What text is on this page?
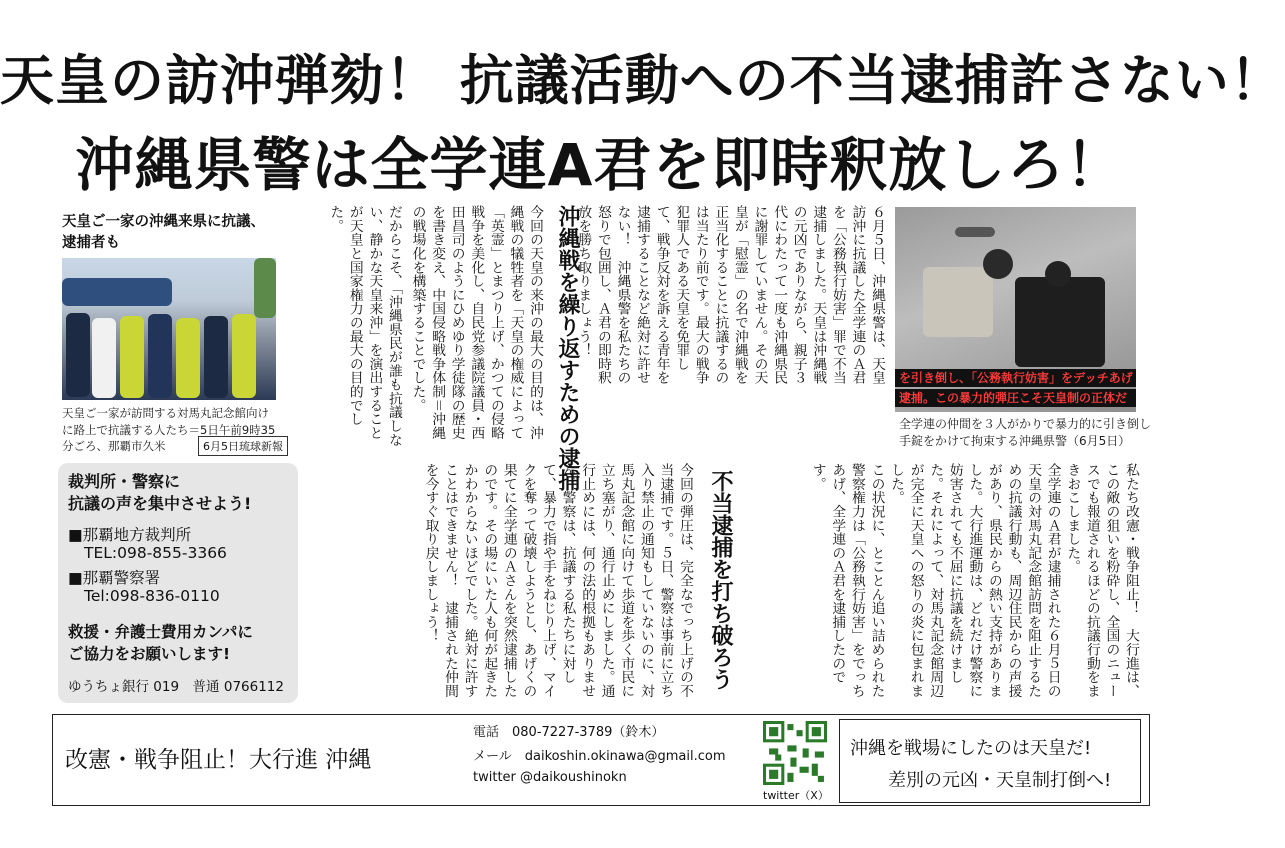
天皇の訪沖弾劾！ 抗議活動への不当逮捕許さない！
沖縄県警は全学連A君を即時釈放しろ！
天皇ご一家の沖縄来県に抗議、逮捕者も
天皇ご一家が訪問する対馬丸記念館向けに路上で抗議する人たち＝5日午前9時35分ごろ、那覇市久米	6月5日琉球新報
裁判所・警察に
抗議の声を集中させよう!
■那覇地方裁判所
TEL:098-855-3366
■那覇警察署
Tel:098-836-0110
救援・弁護士費用カンパに
ご協力をお願いします!
ゆうちょ銀行 019　普通 0766112
を引き倒し、「公務執行妨害」をデッチあげ
逮捕。この暴力的弾圧こそ天皇制の正体だ
全学連の仲間を３人がかりで暴力的に引き倒し
手錠をかけて拘束する沖縄県警（6月5日）
６月５日、沖縄県警は、天皇訪沖に抗議した全学連のＡ君を「公務執行妨害」罪で不当逮捕しました。天皇は沖縄戦の元凶でありながら、親子３代にわたって一度も沖縄県民に謝罪していません。その天皇が「慰霊」の名で沖縄戦を正当化することに抗議するのは当たり前です。最大の戦争犯罪人である天皇を免罪して、戦争反対を訴える青年を逮捕することなど絶対に許せない！　沖縄県警を私たちの怒りで包囲し、Ａ君の即時釈放を勝ち取りましょう！
沖縄戦を繰り返すための逮捕
今回の天皇の来沖の最大の目的は、沖縄戦の犠牲者を「天皇の権威によって「英霊」とまつり上げ、かつての侵略戦争を美化し、自民党参議院議員・西田昌司のようにひめゆり学徒隊の歴史を書き変え、中国侵略戦争体制＝沖縄の戦場化を構築することでした。
だからこそ、「沖縄県民が誰も抗議しない、静かな天皇来沖」を演出することが天皇と国家権力の最大の目的でした。
私たち改憲・戦争阻止！　大行進は、この敵の狙いを粉砕し、全国のニュースでも報道されるほどの抗議行動をまきおこしました。
全学連のＡ君が逮捕された６月５日の天皇の対馬丸記念館訪問を阻止するための抗議行動も、周辺住民からの声援があり、県民からの熱い支持がありました。大行進運動は、どれだけ警察に妨害されても不屈に抗議を続けました。それによって、対馬丸記念館周辺が完全に天皇への怒りの炎に包まれました。
この状況に、とことん追い詰められた警察権力は「公務執行妨害」をでっちあげ、全学連のＡ君を逮捕したのです。
不当逮捕を打ち破ろう
今回の弾圧は、完全なでっち上げの不当逮捕です。５日、警察は事前に立ち入り禁止の通知もしていないのに、対馬丸記念館に向けて歩道を歩く市民に立ち塞がり、通行止めにしました。通行止めには、何の法的根拠もありません。警察は、抗議する私たちに対して、暴力で指や手をねじり上げ、マイクを奪って破壊しようとし、あげくの果てに全学連のＡさんを突然逮捕したのです。その場にいた人も何が起きたかわからないほどでした。絶対に許すことはできません！　逮捕された仲間を今すぐ取り戻しましょう！
改憲・戦争阻止！大行進 沖縄
電話　080-7227-3789（鈴木）
メール　daikoshin.okinawa@gmail.com
twitter @daikoushinokn
twitter（X）
沖縄を戦場にしたのは天皇だ!
差別の元凶・天皇制打倒へ!
